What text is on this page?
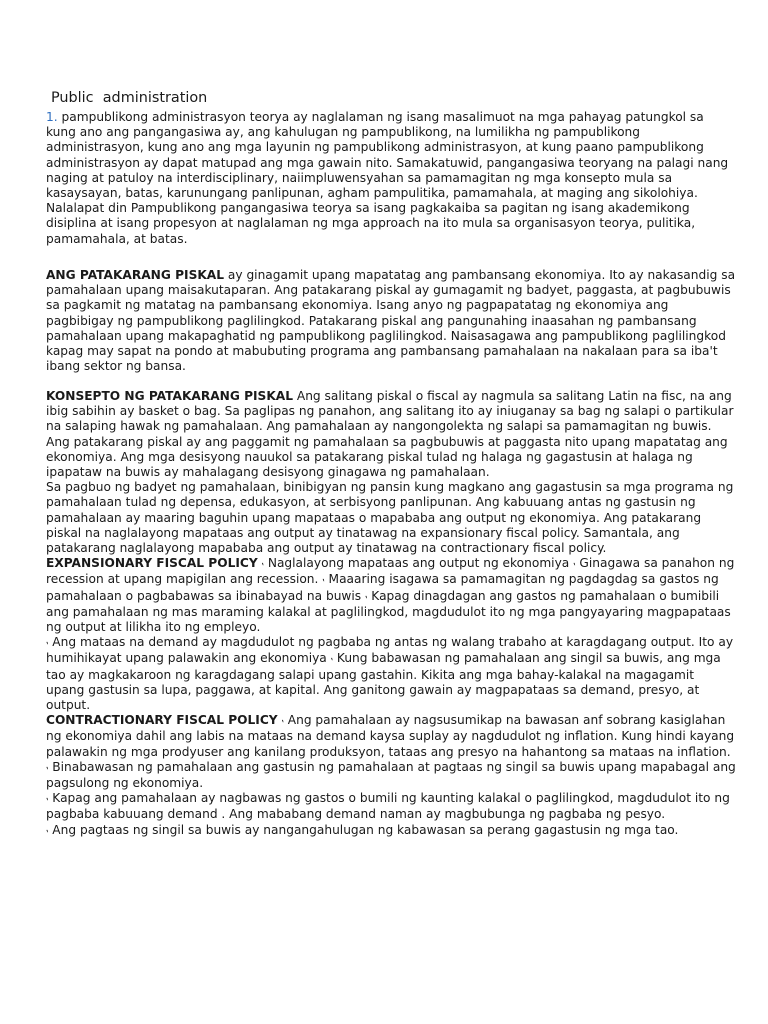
Public  administration

1. pampublikong administrasyon teorya ay naglalaman ng isang masalimuot na mga pahayag patungkol sa kung ano ang pangangasiwa ay, ang kahulugan ng pampublikong, na lumilikha ng pampublikong administrasyon, kung ano ang mga layunin ng pampublikong administrasyon, at kung paano pampublikong administrasyon ay dapat matupad ang mga gawain nito. Samakatuwid, pangangasiwa teoryang na palagi nang naging at patuloy na interdisciplinary, naiimpluwensyahan sa pamamagitan ng mga konsepto mula sa kasaysayan, batas, karunungang panlipunan, agham pampulitika, pamamahala, at maging ang sikolohiya. Nalalapat din Pampublikong pangangasiwa teorya sa isang pagkakaiba sa pagitan ng isang akademikong disiplina at isang propesyon at naglalaman ng mga approach na ito mula sa organisasyon teorya, pulitika, pamamahala, at batas.

ANG PATAKARANG PISKAL ay ginagamit upang mapatatag ang pambansang ekonomiya. Ito ay nakasandig sa pamahalaan upang maisakutaparan. Ang patakarang piskal ay gumagamit ng badyet, paggasta, at pagbubuwis sa pagkamit ng matatag na pambansang ekonomiya. Isang anyo ng pagpapatatag ng ekonomiya ang pagbibigay ng pampublikong paglilingkod. Patakarang piskal ang pangunahing inaasahan ng pambansang pamahalaan upang makapaghatid ng pampublikong paglilingkod. Naisasagawa ang pampublikong paglilingkod kapag may sapat na pondo at mabubuting programa ang pambansang pamahalaan na nakalaan para sa iba't ibang sektor ng bansa.

KONSEPTO NG PATAKARANG PISKAL Ang salitang piskal o fiscal ay nagmula sa salitang Latin na fisc, na ang ibig sabihin ay basket o bag. Sa paglipas ng panahon, ang salitang ito ay iniuganay sa bag ng salapi o partikular na salaping hawak ng pamahalaan. Ang pamahalaan ay nangongolekta ng salapi sa pamamagitan ng buwis. Ang patakarang piskal ay ang paggamit ng pamahalaan sa pagbubuwis at paggasta nito upang mapatatag ang ekonomiya. Ang mga desisyong nauukol sa patakarang piskal tulad ng halaga ng gagastusin at halaga ng ipapataw na buwis ay mahalagang desisyong ginagawa ng pamahalaan.

Sa pagbuo ng badyet ng pamahalaan, binibigyan ng pansin kung magkano ang gagastusin sa mga programa ng pamahalaan tulad ng depensa, edukasyon, at serbisyong panlipunan. Ang kabuuang antas ng gastusin ng pamahalaan ay maaring baguhin upang mapataas o mapababa ang output ng ekonomiya. Ang patakarang piskal na naglalayong mapataas ang output ay tinatawag na expansionary fiscal policy. Samantala, ang patakarang naglalayong mapababa ang output ay tinatawag na contractionary fiscal policy.

EXPANSIONARY FISCAL POLICY ⹁ Naglalayong mapataas ang output ng ekonomiya ⹁ Ginagawa sa panahon ng recession at upang mapigilan ang recession. ⹁ Maaaring isagawa sa pamamagitan ng pagdagdag sa gastos ng pamahalaan o pagbabawas sa ibinabayad na buwis ⹁ Kapag dinagdagan ang gastos ng pamahalaan o bumibili ang pamahalaan ng mas maraming kalakal at paglilingkod, magdudulot ito ng mga pangyayaring magpapataas ng output at lilikha ito ng empleyo.

⹁ Ang mataas na demand ay magdudulot ng pagbaba ng antas ng walang trabaho at karagdagang output. Ito ay humihikayat upang palawakin ang ekonomiya ⹁ Kung babawasan ng pamahalaan ang singil sa buwis, ang mga tao ay magkakaroon ng karagdagang salapi upang gastahin. Kikita ang mga bahay-kalakal na magagamit upang gastusin sa lupa, paggawa, at kapital. Ang ganitong gawain ay magpapataas sa demand, presyo, at output.

CONTRACTIONARY FISCAL POLICY ⹁ Ang pamahalaan ay nagsusumikap na bawasan anf sobrang kasiglahan ng ekonomiya dahil ang labis na mataas na demand kaysa suplay ay nagdudulot ng inflation. Kung hindi kayang palawakin ng mga prodyuser ang kanilang produksyon, tataas ang presyo na hahantong sa mataas na inflation. ⹁ Binabawasan ng pamahalaan ang gastusin ng pamahalaan at pagtaas ng singil sa buwis upang mapabagal ang pagsulong ng ekonomiya.

⹁ Kapag ang pamahalaan ay nagbawas ng gastos o bumili ng kaunting kalakal o paglilingkod, magdudulot ito ng pagbaba kabuuang demand . Ang mababang demand naman ay magbubunga ng pagbaba ng pesyo.

⹁ Ang pagtaas ng singil sa buwis ay nangangahulugan ng kabawasan sa perang gagastusin ng mga tao.
